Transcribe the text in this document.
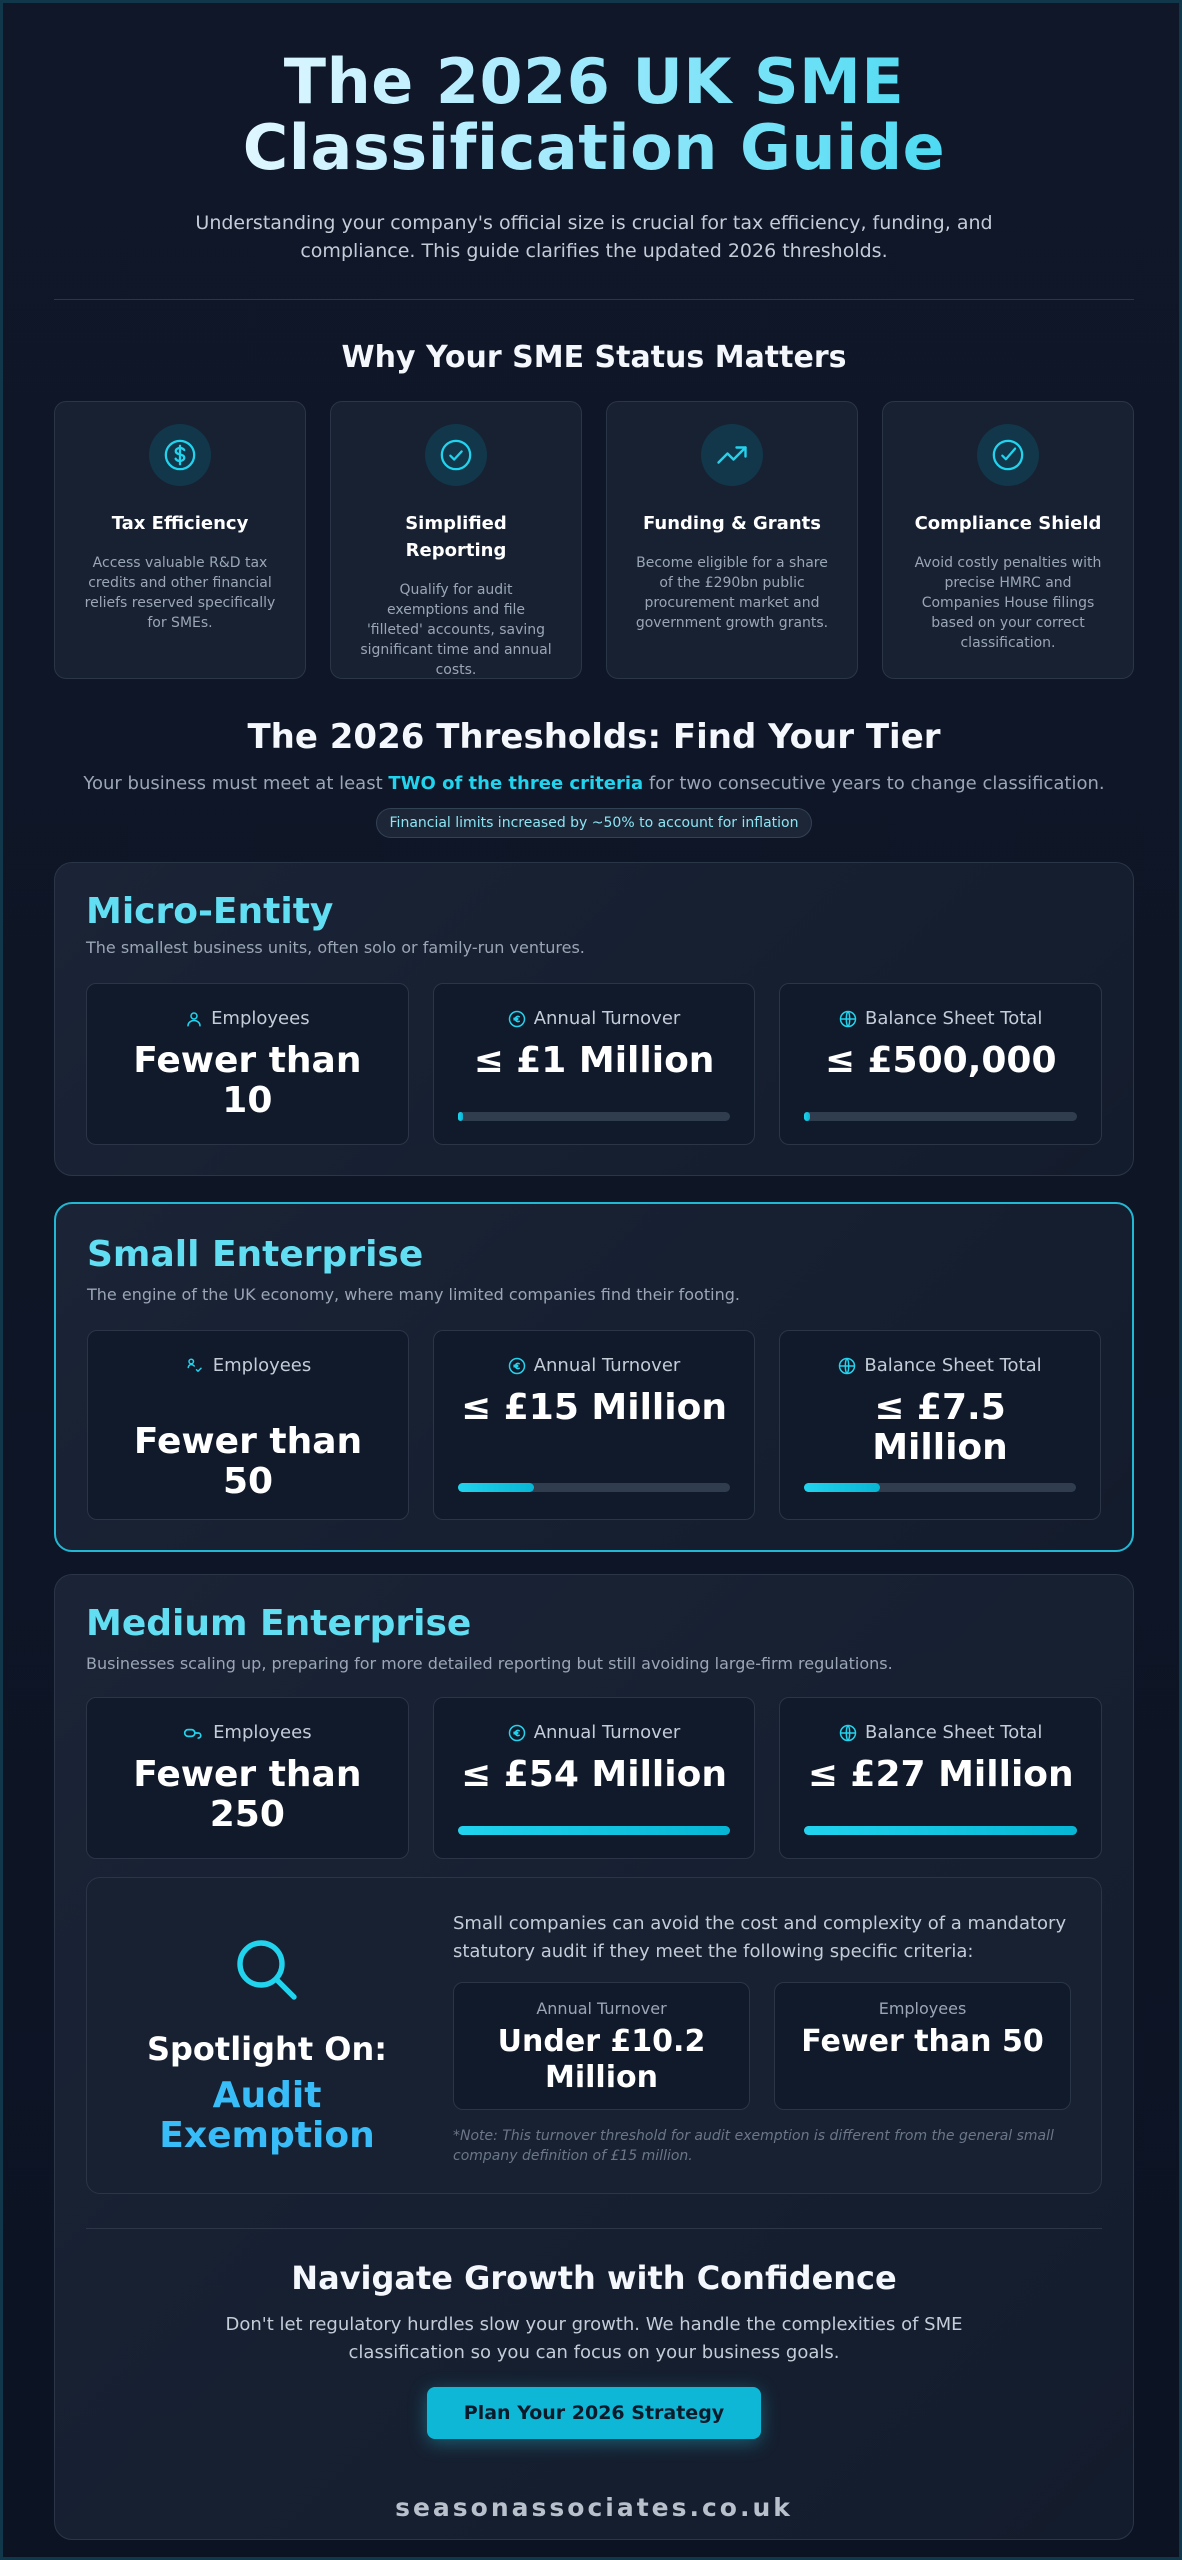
The 2026 UK SME Classification Guide

Understanding your company's official size is crucial for tax efficiency, funding, and compliance. This guide clarifies the updated 2026 thresholds.

Why Your SME Status Matters
Tax Efficiency
Access valuable R&D tax credits and other financial reliefs reserved specifically for SMEs.
Simplified Reporting
Qualify for audit exemptions and file 'filleted' accounts, saving significant time and annual costs.
Funding & Grants
Become eligible for a share of the £290bn public procurement market and government growth grants.
Compliance Shield
Avoid costly penalties with precise HMRC and Companies House filings based on your correct classification.
The 2026 Thresholds: Find Your Tier

Your business must meet at least TWO of the three criteria for two consecutive years to change classification.

Financial limits increased by ~50% to account for inflation
Micro-Entity
The smallest business units, often solo or family-run ventures.
Employees
Fewer than 10
Annual Turnover
≤ £1 Million
Balance Sheet Total
≤ £500,000
Small Enterprise
The engine of the UK economy, where many limited companies find their footing.
Employees
Fewer than 50
Annual Turnover
≤ £15 Million
Balance Sheet Total
≤ £7.5 Million
Medium Enterprise
Businesses scaling up, preparing for more detailed reporting but still avoiding large-firm regulations.
Employees
Fewer than 250
Annual Turnover
≤ £54 Million
Balance Sheet Total
≤ £27 Million
Spotlight On:
Audit Exemption
Small companies can avoid the cost and complexity of a mandatory statutory audit if they meet the following specific criteria:
Annual Turnover
Under £10.2 Million
Employees
Fewer than 50
*Note: This turnover threshold for audit exemption is different from the general small company definition of £15 million.
Navigate Growth with Confidence
Don't let regulatory hurdles slow your growth. We handle the complexities of SME classification so you can focus on your business goals.
Plan Your 2026 Strategy
seasonassociates.co.uk
